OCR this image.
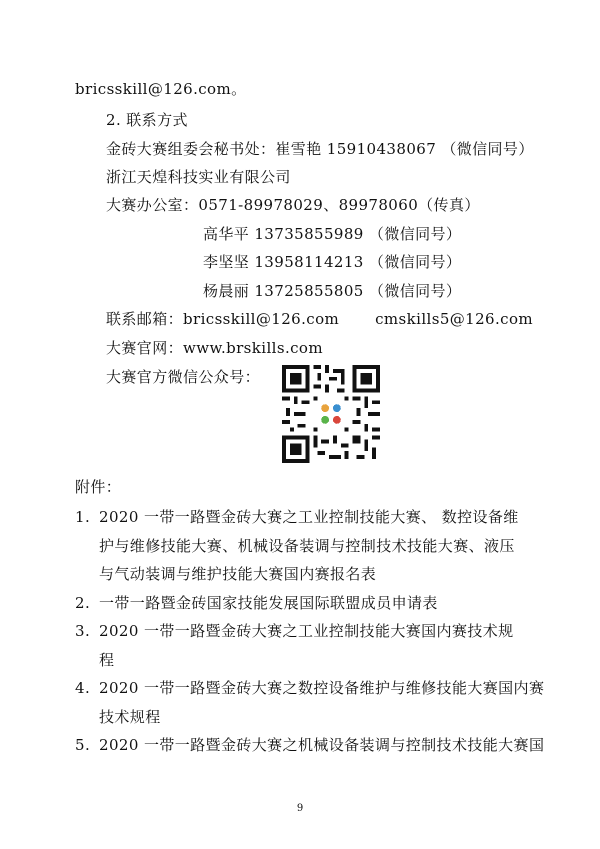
bricsskill@126.com。
2. 联系方式
金砖大赛组委会秘书处：崔雪艳 15910438067 （微信同号）
浙江天煌科技实业有限公司
大赛办公室：0571-89978029、89978060（传真）
高华平 13735855989 （微信同号）
李坚坚 13958114213 （微信同号）
杨晨丽 13725855805 （微信同号）
联系邮箱：bricsskill@126.com cmskills5@126.com
大赛官网：www.brskills.com
大赛官方微信公众号：
附件：
1. 2020 一带一路暨金砖大赛之工业控制技能大赛、 数控设备维
护与维修技能大赛、机械设备装调与控制技术技能大赛、液压
与气动装调与维护技能大赛国内赛报名表
2. 一带一路暨金砖国家技能发展国际联盟成员申请表
3. 2020 一带一路暨金砖大赛之工业控制技能大赛国内赛技术规
程
4. 2020 一带一路暨金砖大赛之数控设备维护与维修技能大赛国内赛
技术规程
5. 2020 一带一路暨金砖大赛之机械设备装调与控制技术技能大赛国
9
